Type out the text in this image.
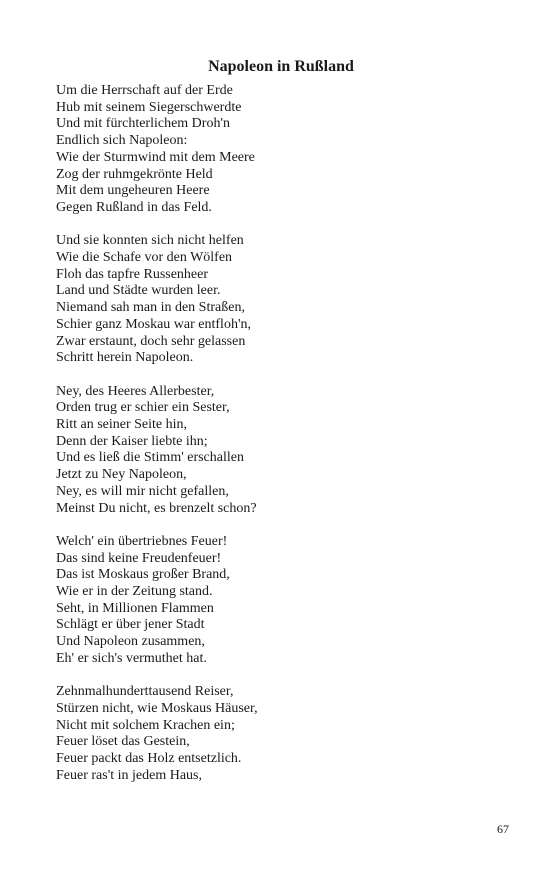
Napoleon in Rußland
Um die Herrschaft auf der Erde
Hub mit seinem Siegerschwerdte
Und mit fürchterlichem Droh'n
Endlich sich Napoleon:
Wie der Sturmwind mit dem Meere
Zog der ruhmgekrönte Held
Mit dem ungeheuren Heere
Gegen Rußland in das Feld.
Und sie konnten sich nicht helfen
Wie die Schafe vor den Wölfen
Floh das tapfre Russenheer
Land und Städte wurden leer.
Niemand sah man in den Straßen,
Schier ganz Moskau war entfloh'n,
Zwar erstaunt, doch sehr gelassen
Schritt herein Napoleon.
Ney, des Heeres Allerbester,
Orden trug er schier ein Sester,
Ritt an seiner Seite hin,
Denn der Kaiser liebte ihn;
Und es ließ die Stimm' erschallen
Jetzt zu Ney Napoleon,
Ney, es will mir nicht gefallen,
Meinst Du nicht, es brenzelt schon?
Welch' ein übertriebnes Feuer!
Das sind keine Freudenfeuer!
Das ist Moskaus großer Brand,
Wie er in der Zeitung stand.
Seht, in Millionen Flammen
Schlägt er über jener Stadt
Und Napoleon zusammen,
Eh' er sich's vermuthet hat.
Zehnmalhunderttausend Reiser,
Stürzen nicht, wie Moskaus Häuser,
Nicht mit solchem Krachen ein;
Feuer löset das Gestein,
Feuer packt das Holz entsetzlich.
Feuer ras't in jedem Haus,
67
